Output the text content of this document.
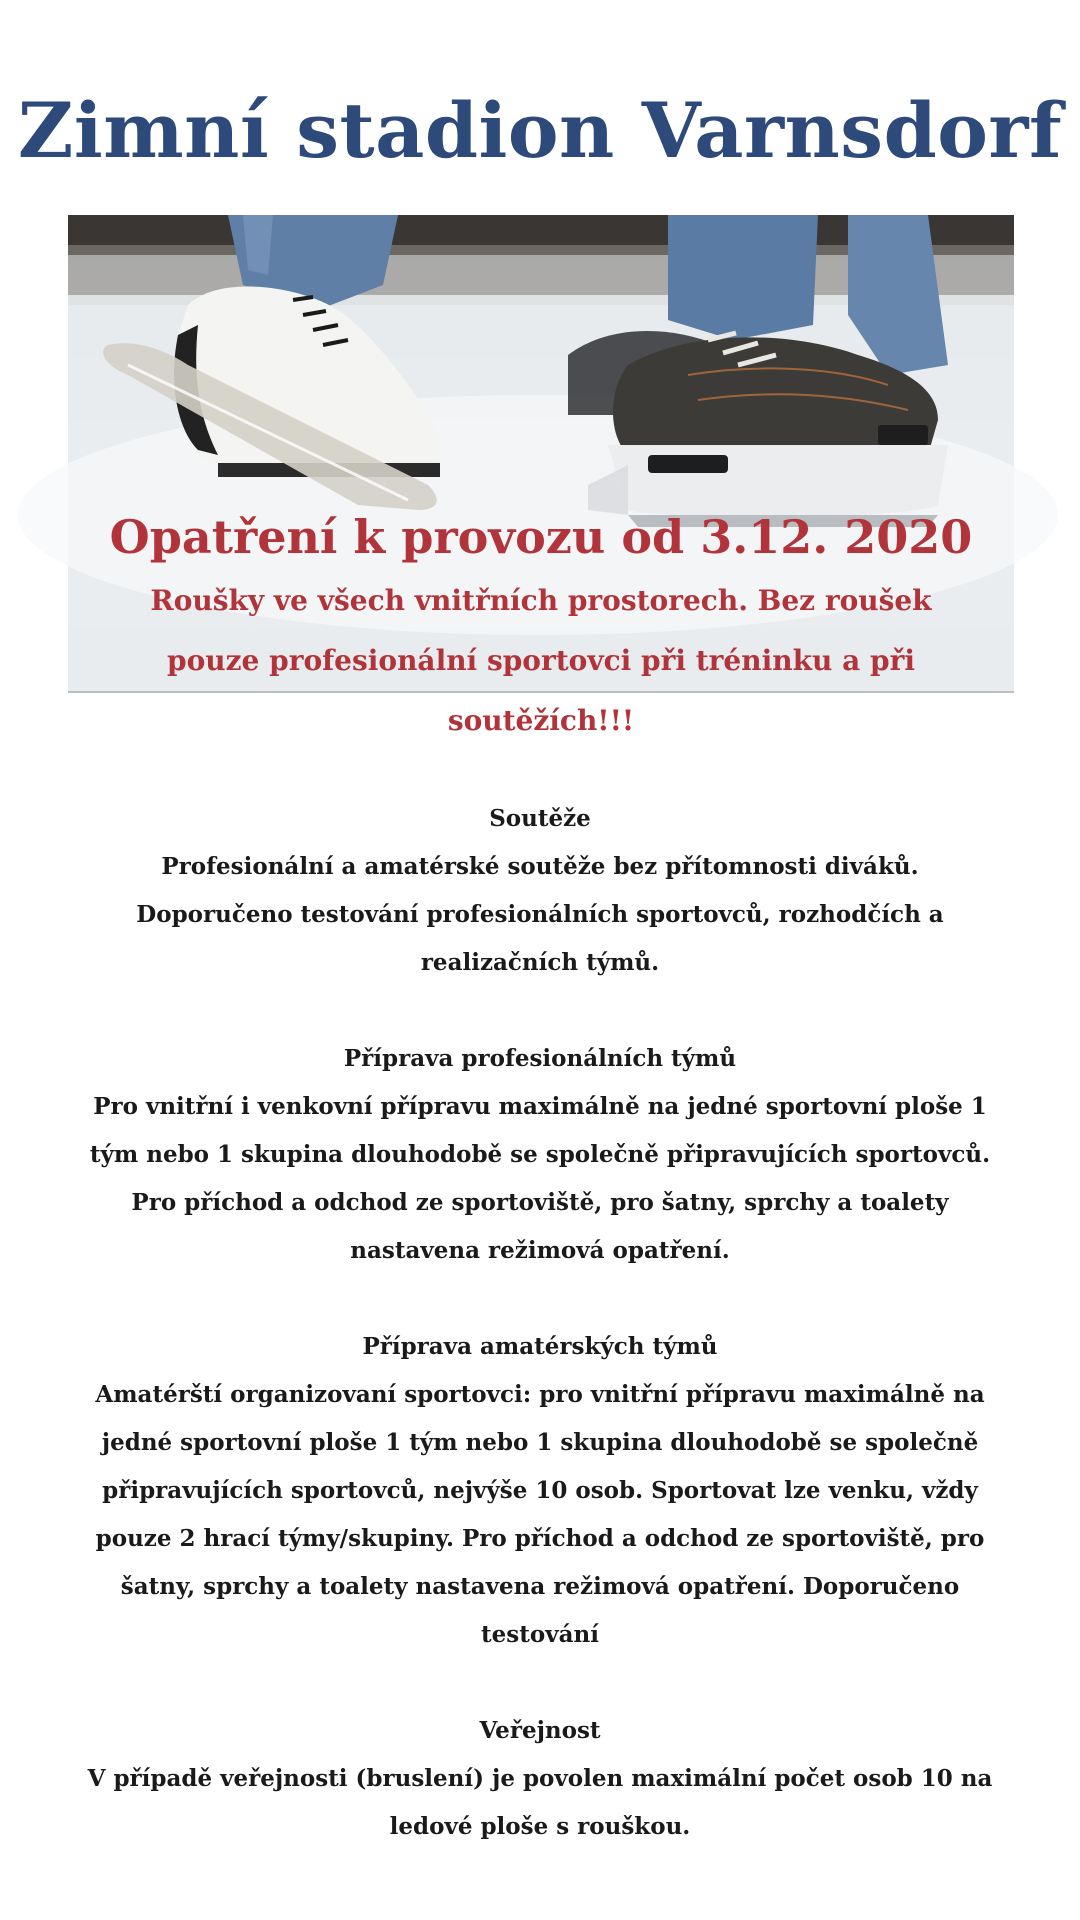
Zimní stadion Varnsdorf
Opatření k provozu od 3.12. 2020
Roušky ve všech vnitřních prostorech. Bez roušek pouze profesionální sportovci při tréninku a při soutěžích!!!
Soutěže
Profesionální a amatérské soutěže bez přítomnosti diváků. Doporučeno testování profesionálních sportovců, rozhodčích a realizačních týmů.
Příprava profesionálních týmů
Pro vnitřní i venkovní přípravu maximálně na jedné sportovní ploše 1 tým nebo 1 skupina dlouhodobě se společně připravujících sportovců. Pro příchod a odchod ze sportoviště, pro šatny, sprchy a toalety nastavena režimová opatření.
Příprava amatérských týmů
Amatérští organizovaní sportovci: pro vnitřní přípravu maximálně na jedné sportovní ploše 1 tým nebo 1 skupina dlouhodobě se společně připravujících sportovců, nejvýše 10 osob. Sportovat lze venku, vždy pouze 2 hrací týmy/skupiny. Pro příchod a odchod ze sportoviště, pro šatny, sprchy a toalety nastavena režimová opatření. Doporučeno testování
Veřejnost
V případě veřejnosti (bruslení) je povolen maximální počet osob 10 na ledové ploše s rouškou.
